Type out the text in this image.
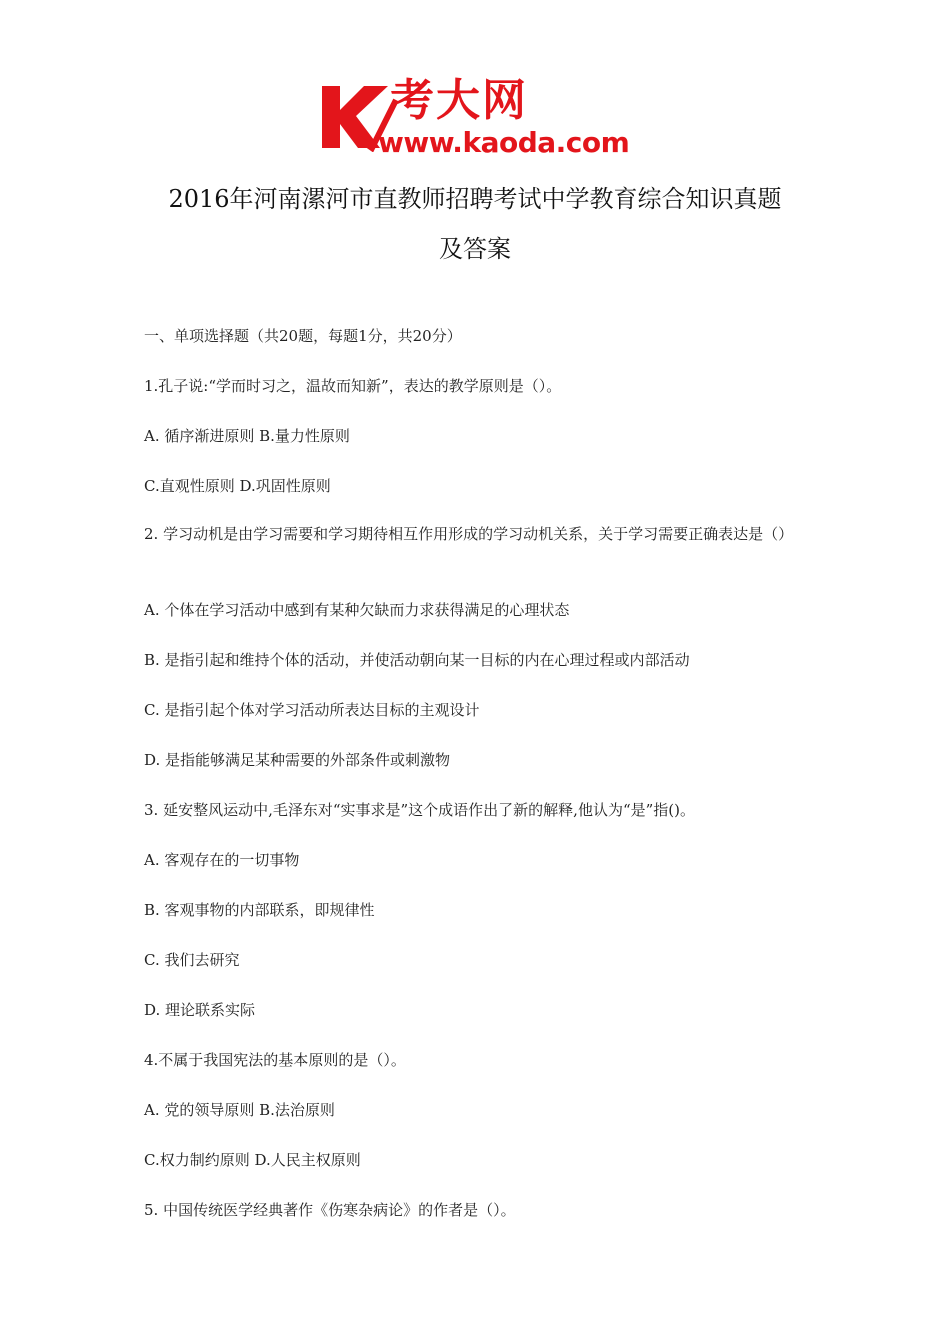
考大网
www.kaoda.com
2016年河南漯河市直教师招聘考试中学教育综合知识真题
及答案
一、单项选择题（共20题，每题1分，共20分）
1.孔子说:“学而时习之，温故而知新”，表达的教学原则是（）。
A. 循序渐进原则 B.量力性原则
C.直观性原则 D.巩固性原则
2. 学习动机是由学习需要和学习期待相互作用形成的学习动机关系，关于学习需要正确表达是（）
A. 个体在学习活动中感到有某种欠缺而力求获得满足的心理状态
B. 是指引起和维持个体的活动，并使活动朝向某一目标的内在心理过程或内部活动
C. 是指引起个体对学习活动所表达目标的主观设计
D. 是指能够满足某种需要的外部条件或刺激物
3. 延安整风运动中,毛泽东对“实事求是”这个成语作出了新的解释,他认为“是”指()。
A. 客观存在的一切事物
B. 客观事物的内部联系，即规律性
C. 我们去研究
D. 理论联系实际
4.不属于我国宪法的基本原则的是（）。
A. 党的领导原则 B.法治原则
C.权力制约原则 D.人民主权原则
5. 中国传统医学经典著作《伤寒杂病论》的作者是（）。
